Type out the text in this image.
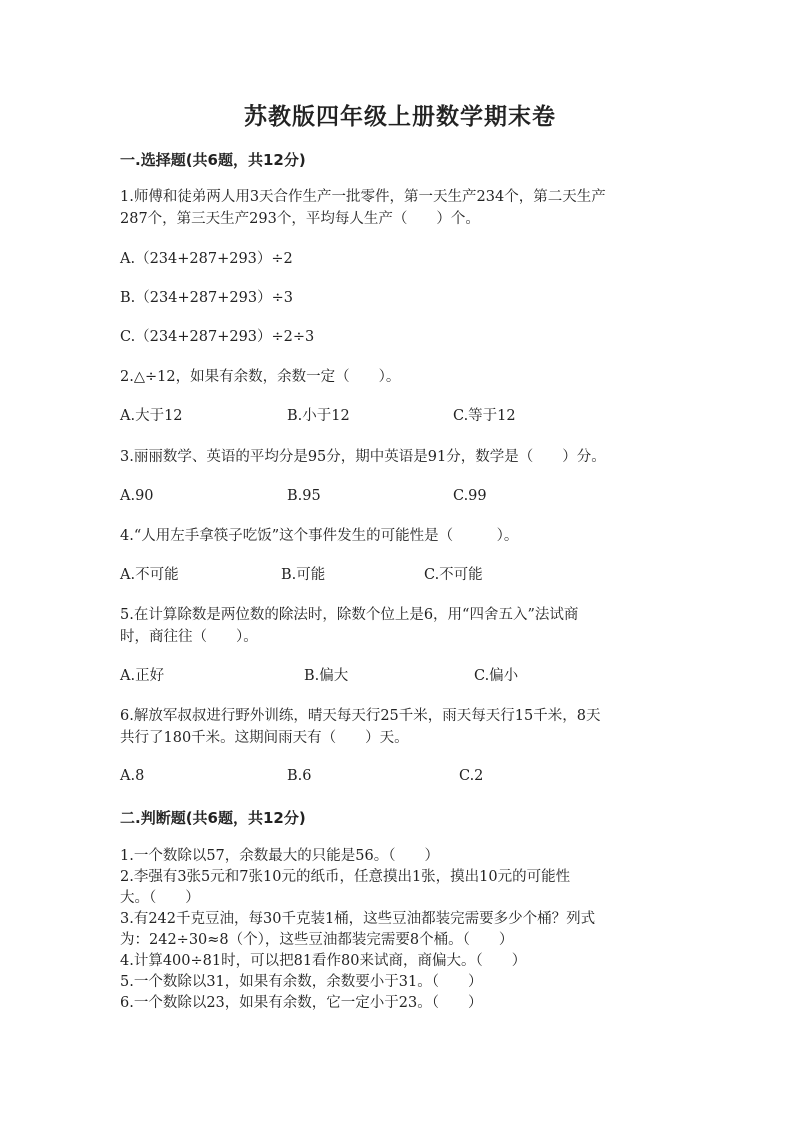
苏教版四年级上册数学期末卷
一.选择题(共6题，共12分)
1.师傅和徒弟两人用3天合作生产一批零件，第一天生产234个，第二天生产
287个，第三天生产293个，平均每人生产（　　）个。
A.（234+287+293）÷2
B.（234+287+293）÷3
C.（234+287+293）÷2÷3
2.△÷12，如果有余数，余数一定（　　）。
A.大于12	B.小于12	C.等于12
3.丽丽数学、英语的平均分是95分，期中英语是91分，数学是（　　）分。
A.90	B.95	C.99
4.“人用左手拿筷子吃饭”这个事件发生的可能性是（　　　）。
A.不可能	B.可能	C.不可能
5.在计算除数是两位数的除法时，除数个位上是6，用“四舍五入”法试商
时，商往往（　　）。
A.正好	B.偏大	C.偏小
6.解放军叔叔进行野外训练，晴天每天行25千米，雨天每天行15千米，8天
共行了180千米。这期间雨天有（　　）天。
A.8	B.6	C.2
二.判断题(共6题，共12分)
1.一个数除以57，余数最大的只能是56。（　　）
2.李强有3张5元和7张10元的纸币，任意摸出1张，摸出10元的可能性
大。（　　）
3.有242千克豆油，每30千克装1桶，这些豆油都装完需要多少个桶？列式
为：242÷30≈8（个），这些豆油都装完需要8个桶。（　　）
4.计算400÷81时，可以把81看作80来试商，商偏大。（　　）
5.一个数除以31，如果有余数，余数要小于31。（　　）
6.一个数除以23，如果有余数，它一定小于23。（　　）
